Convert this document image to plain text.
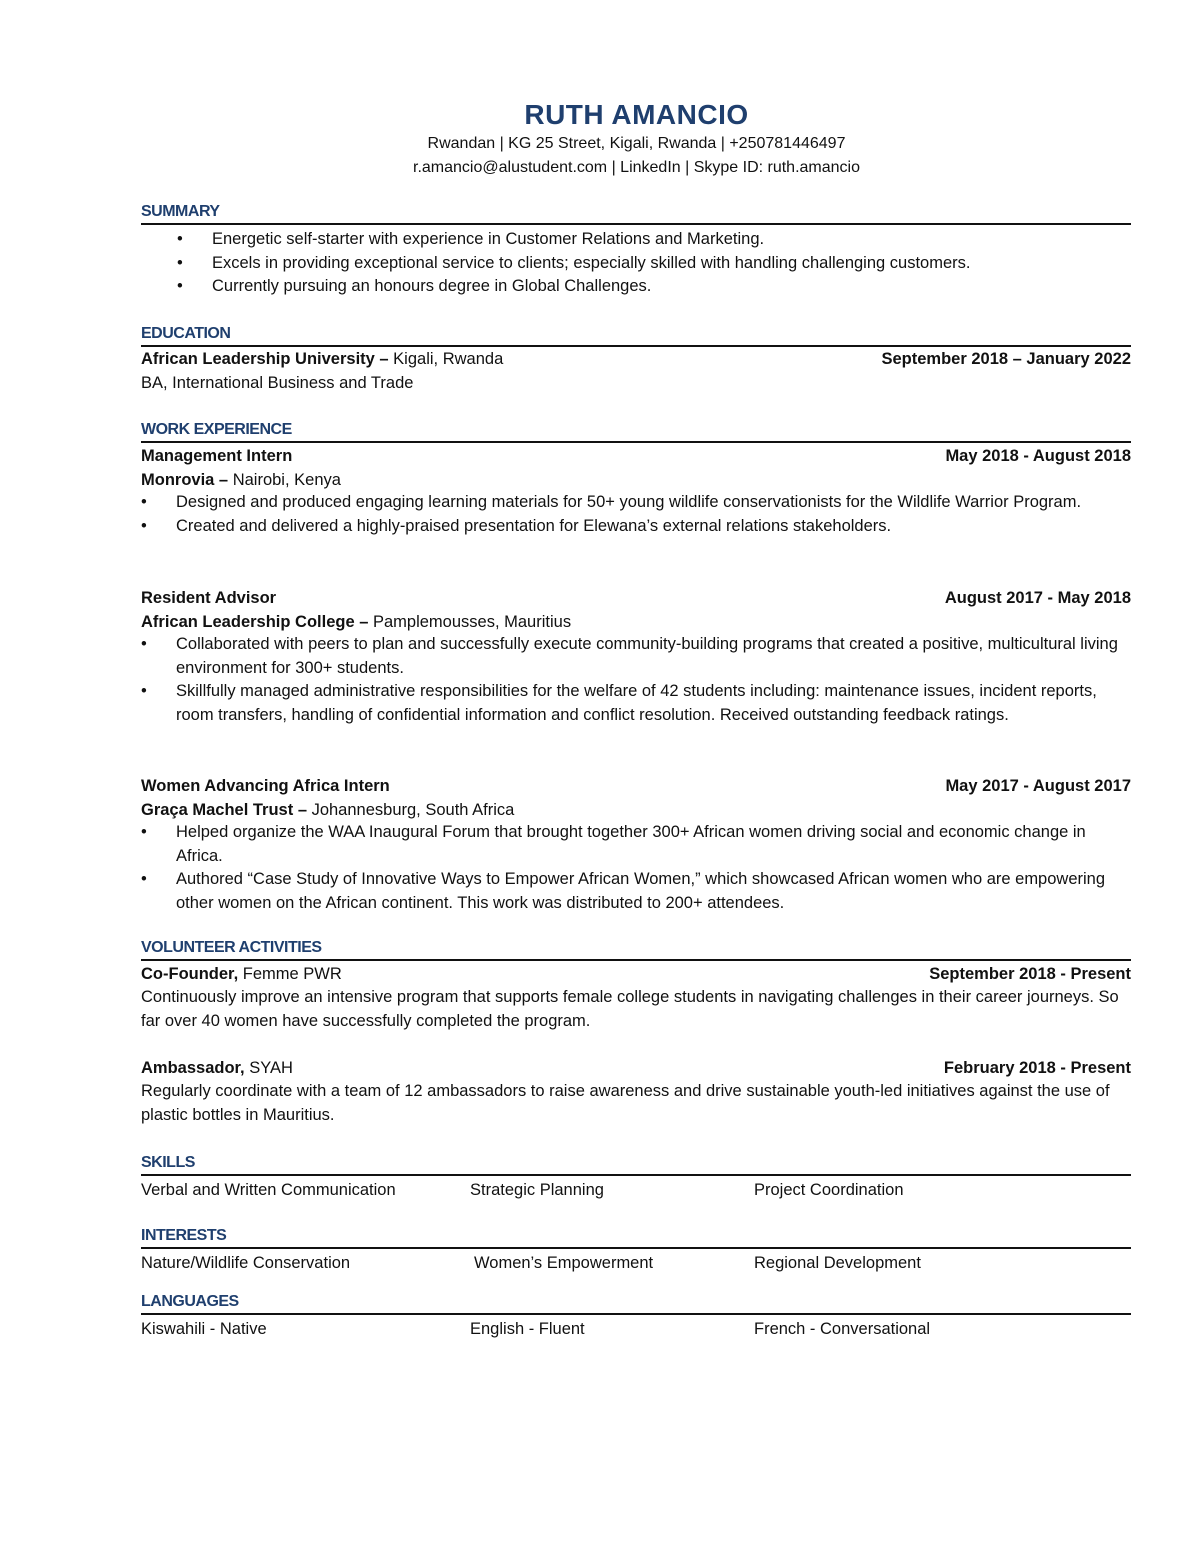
RUTH AMANCIO
Rwandan | KG 25 Street, Kigali, Rwanda | +250781446497
r.amancio@alustudent.com | LinkedIn | Skype ID: ruth.amancio
SUMMARY
• Energetic self-starter with experience in Customer Relations and Marketing.
• Excels in providing exceptional service to clients; especially skilled with handling challenging customers.
• Currently pursuing an honours degree in Global Challenges.
EDUCATION
African Leadership University – Kigali, Rwanda	September 2018 – January 2022
BA, International Business and Trade
WORK EXPERIENCE
Management Intern	May 2018 - August 2018
Monrovia – Nairobi, Kenya
• Designed and produced engaging learning materials for 50+ young wildlife conservationists for the Wildlife Warrior Program.
• Created and delivered a highly-praised presentation for Elewana’s external relations stakeholders.
Resident Advisor	August 2017 - May 2018
African Leadership College – Pamplemousses, Mauritius
• Collaborated with peers to plan and successfully execute community-building programs that created a positive, multicultural living environment for 300+ students.
• Skillfully managed administrative responsibilities for the welfare of 42 students including: maintenance issues, incident reports, room transfers, handling of confidential information and conflict resolution. Received outstanding feedback ratings.
Women Advancing Africa Intern	May 2017 - August 2017
Graça Machel Trust – Johannesburg, South Africa
• Helped organize the WAA Inaugural Forum that brought together 300+ African women driving social and economic change in Africa.
• Authored “Case Study of Innovative Ways to Empower African Women,” which showcased African women who are empowering other women on the African continent. This work was distributed to 200+ attendees.
VOLUNTEER ACTIVITIES
Co-Founder, Femme PWR	September 2018 - Present
Continuously improve an intensive program that supports female college students in navigating challenges in their career journeys. So far over 40 women have successfully completed the program.
Ambassador, SYAH	February 2018 - Present
Regularly coordinate with a team of 12 ambassadors to raise awareness and drive sustainable youth-led initiatives against the use of plastic bottles in Mauritius.
SKILLS
Verbal and Written Communication	Strategic Planning	Project Coordination
INTERESTS
Nature/Wildlife Conservation	Women’s Empowerment	Regional Development
LANGUAGES
Kiswahili - Native	English - Fluent	French - Conversational
